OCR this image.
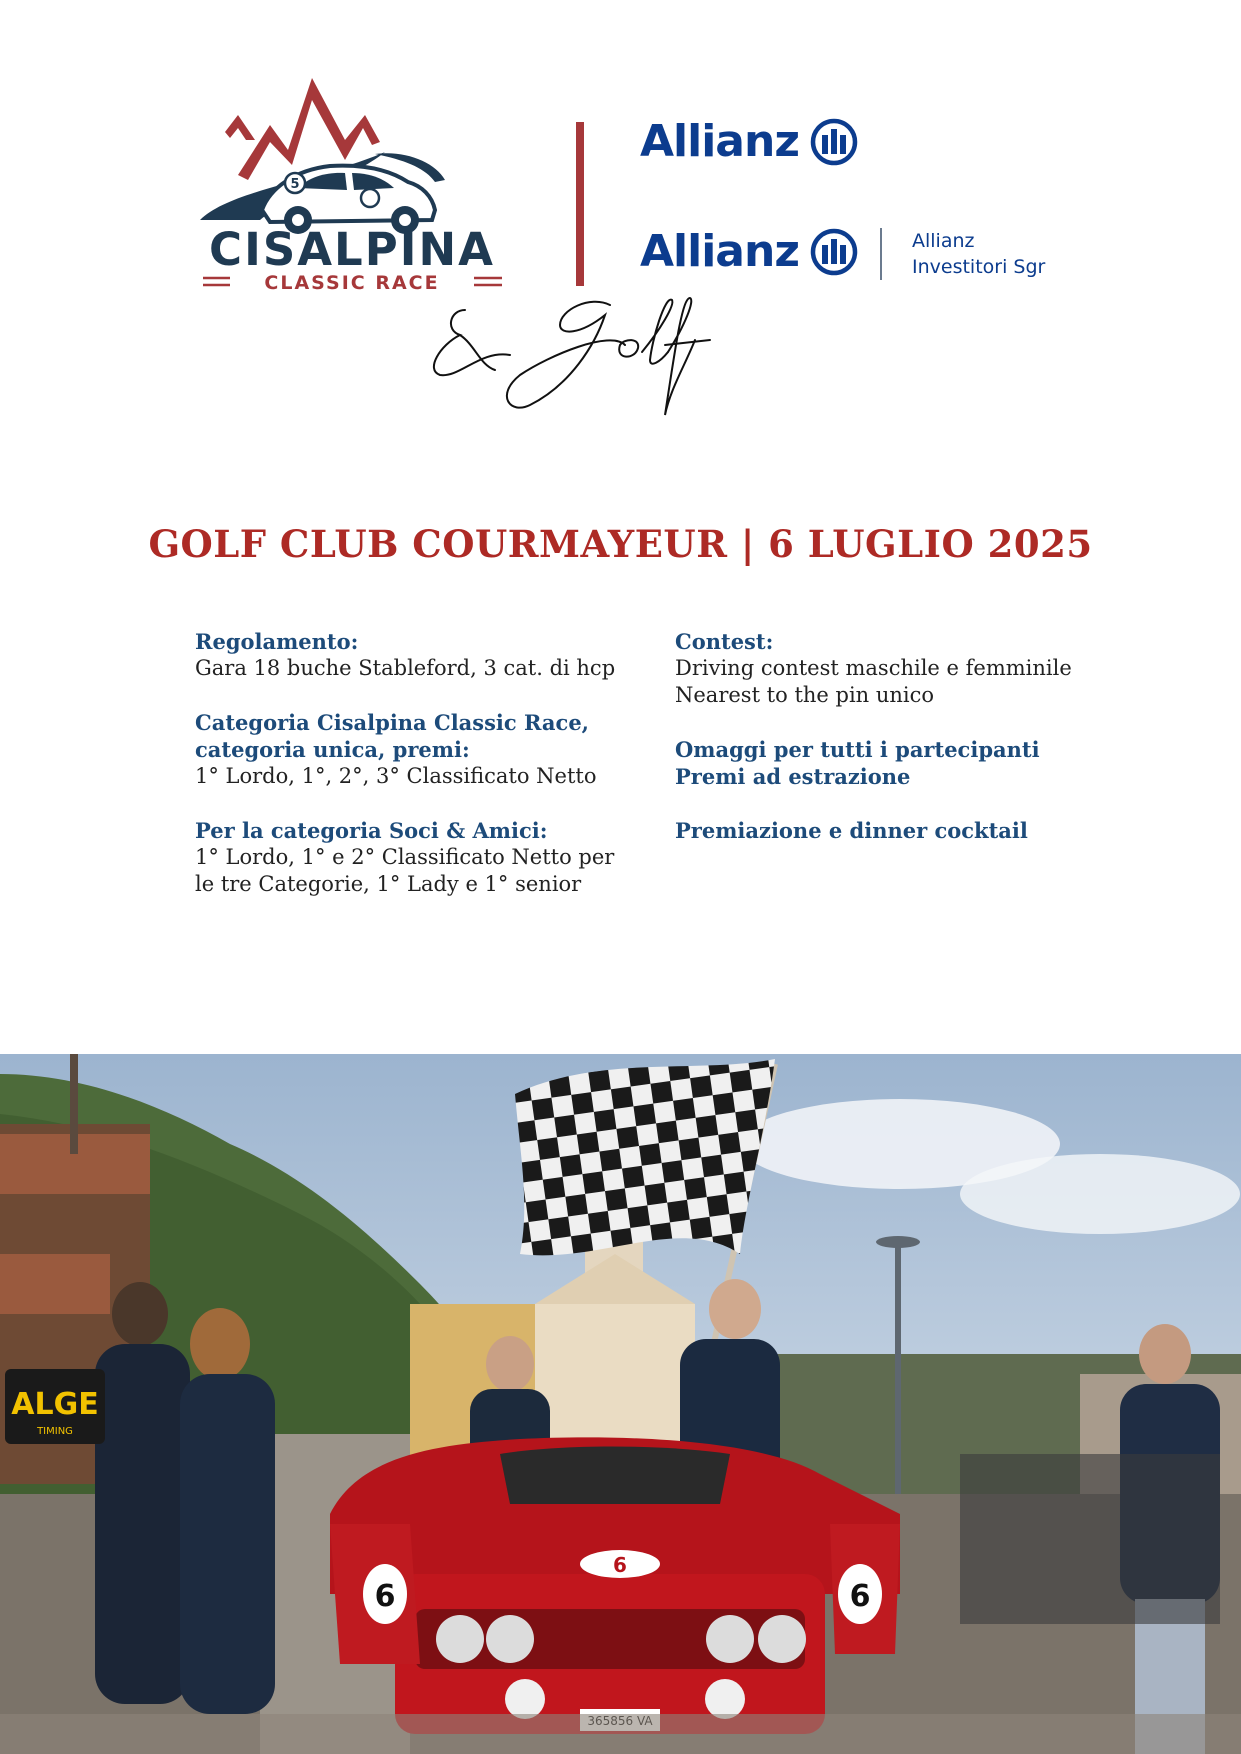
5
CISALPINA
CLASSIC RACE
Allianz
Allianz	Allianz
Investitori Sgr
GOLF CLUB COURMAYEUR | 6 LUGLIO 2025
Regolamento:
Gara 18 buche Stableford, 3 cat. di hcp
Categoria Cisalpina Classic Race, categoria unica, premi:
1° Lordo, 1°, 2°, 3° Classificato Netto
Per la categoria Soci & Amici:
1° Lordo, 1° e 2° Classificato Netto per le tre Categorie, 1° Lady e 1° senior
Contest:
Driving contest maschile e femminile
Nearest to the pin unico
Omaggi per tutti i partecipanti
Premi ad estrazione
Premiazione e dinner cocktail
ALGE
TIMING
6	6
6
